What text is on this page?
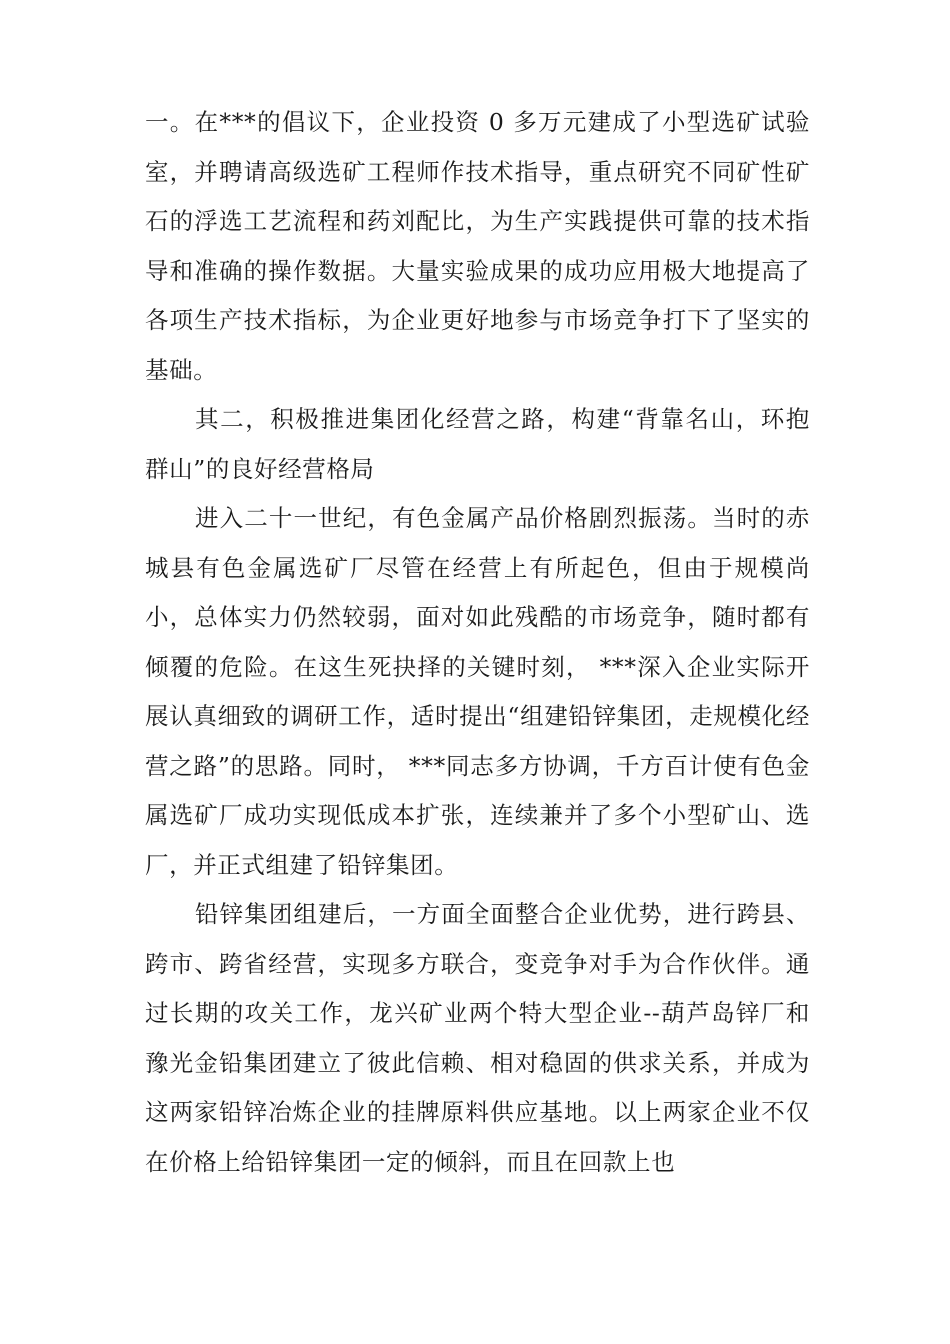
一。在***的倡议下，企业投资 0 多万元建成了小型选矿试验室，并聘请高级选矿工程师作技术指导，重点研究不同矿性矿石的浮选工艺流程和药刘配比，为生产实践提供可靠的技术指导和准确的操作数据。大量实验成果的成功应用极大地提高了各项生产技术指标，为企业更好地参与市场竞争打下了坚实的基础。

其二，积极推进集团化经营之路，构建“背靠名山，环抱群山”的良好经营格局

进入二十一世纪，有色金属产品价格剧烈振荡。当时的赤城县有色金属选矿厂尽管在经营上有所起色，但由于规模尚小，总体实力仍然较弱，面对如此残酷的市场竞争，随时都有倾覆的危险。在这生死抉择的关键时刻， ***深入企业实际开展认真细致的调研工作，适时提出“组建铅锌集团，走规模化经营之路”的思路。同时， ***同志多方协调，千方百计使有色金属选矿厂成功实现低成本扩张，连续兼并了多个小型矿山、选厂，并正式组建了铅锌集团。

铅锌集团组建后，一方面全面整合企业优势，进行跨县、跨市、跨省经营，实现多方联合，变竞争对手为合作伙伴。通过长期的攻关工作，龙兴矿业两个特大型企业--葫芦岛锌厂和豫光金铅集团建立了彼此信赖、相对稳固的供求关系，并成为这两家铅锌冶炼企业的挂牌原料供应基地。以上两家企业不仅在价格上给铅锌集团一定的倾斜，而且在回款上也
